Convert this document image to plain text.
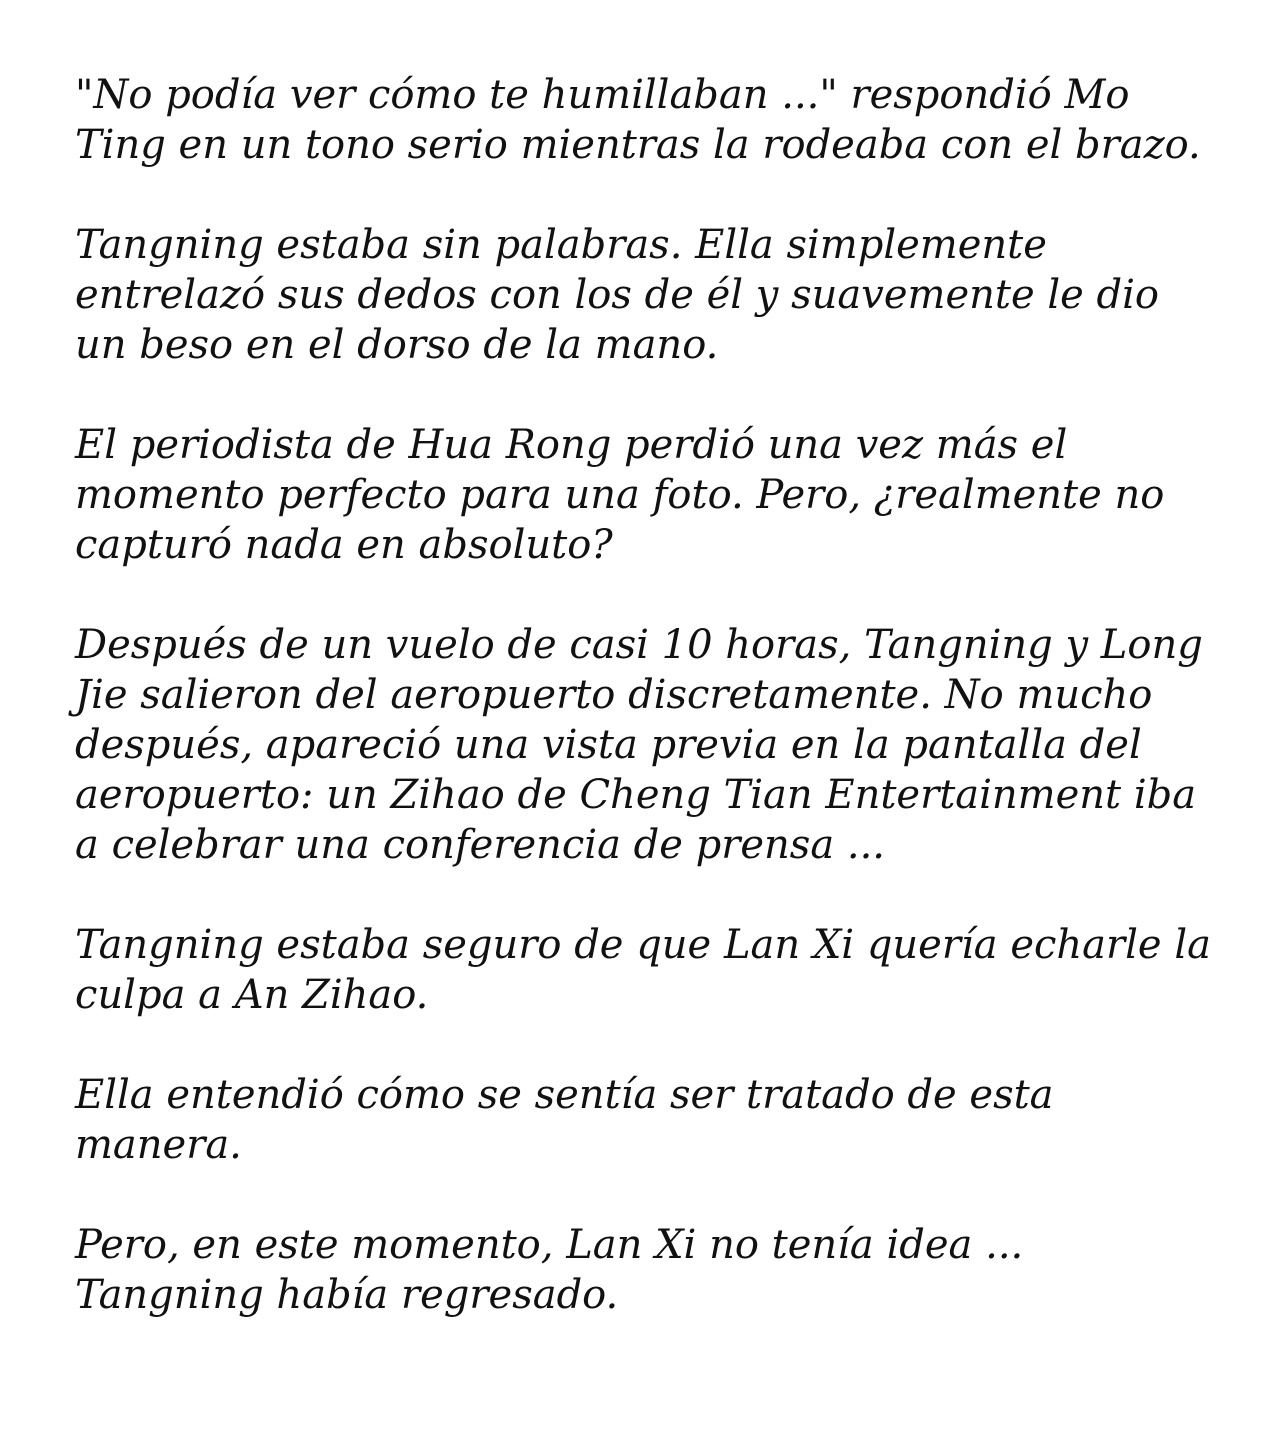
"No podía ver cómo te humillaban ..." respondió Mo Ting en un tono serio mientras la rodeaba con el brazo.

Tangning estaba sin palabras. Ella simplemente entrelazó sus dedos con los de él y suavemente le dio un beso en el dorso de la mano.

El periodista de Hua Rong perdió una vez más el momento perfecto para una foto. Pero, ¿realmente no capturó nada en absoluto?

Después de un vuelo de casi 10 horas, Tangning y Long Jie salieron del aeropuerto discretamente. No mucho después, apareció una vista previa en la pantalla del aeropuerto: un Zihao de Cheng Tian Entertainment iba a celebrar una conferencia de prensa ...

Tangning estaba seguro de que Lan Xi quería echarle la culpa a An Zihao.

Ella entendió cómo se sentía ser tratado de esta manera.

Pero, en este momento, Lan Xi no tenía idea ... Tangning había regresado.
